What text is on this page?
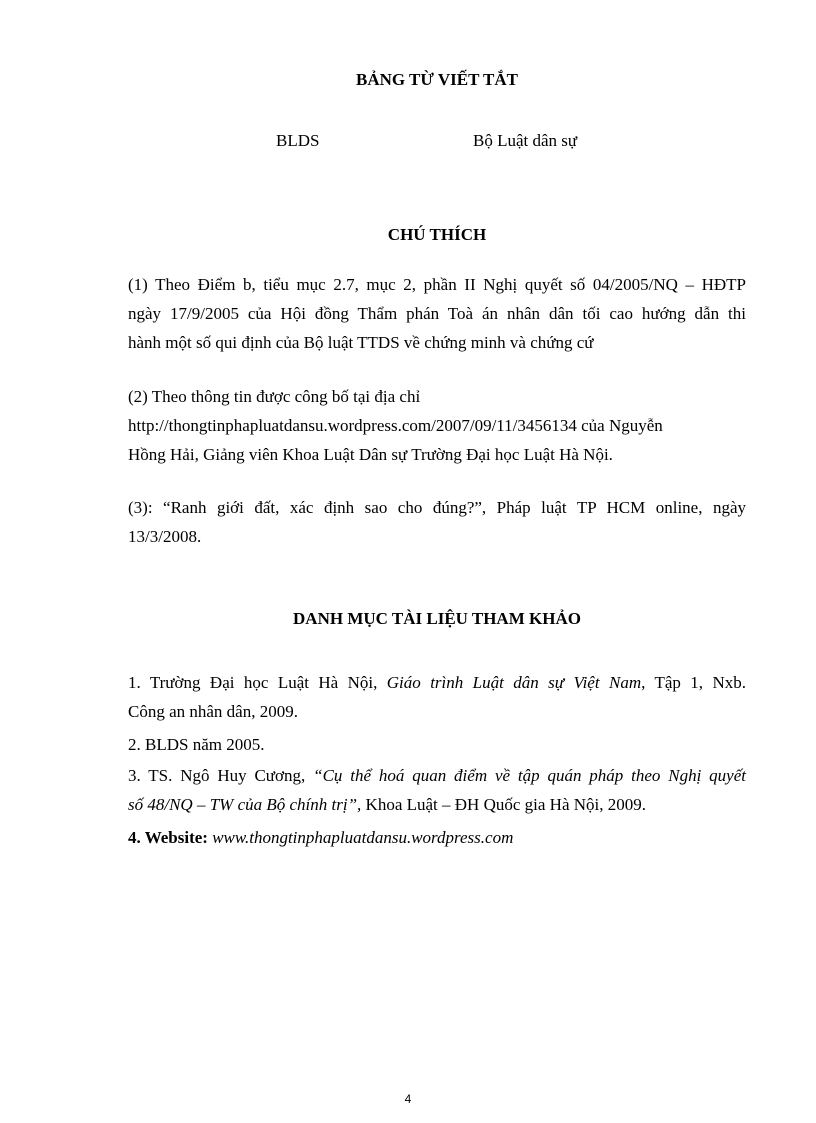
BẢNG TỪ VIẾT TẮT
BLDS	Bộ Luật dân sự
CHÚ THÍCH
(1) Theo Điểm b, tiểu mục 2.7, mục 2, phần II Nghị quyết số 04/2005/NQ – HĐTP
ngày 17/9/2005 của Hội đồng Thẩm phán Toà án nhân dân tối cao hướng dẫn thi
hành một số qui định của Bộ luật TTDS về chứng minh và chứng cứ
(2) Theo thông tin được công bố tại địa chỉ
http://thongtinphapluatdansu.wordpress.com/2007/09/11/3456134 của Nguyễn
Hồng Hải, Giảng viên Khoa Luật Dân sự Trường Đại học Luật Hà Nội.
(3): “Ranh giới đất, xác định sao cho đúng?”, Pháp luật TP HCM online, ngày
13/3/2008.
DANH MỤC TÀI LIỆU THAM KHẢO
1. Trường Đại học Luật Hà Nội, Giáo trình Luật dân sự Việt Nam, Tập 1, Nxb.
Công an nhân dân, 2009.
2. BLDS năm 2005.
3. TS. Ngô Huy Cương, “Cụ thể hoá quan điểm về tập quán pháp theo Nghị quyết
số 48/NQ – TW của Bộ chính trị”, Khoa Luật – ĐH Quốc gia Hà Nội, 2009.
4. Website: www.thongtinphapluatdansu.wordpress.com
4
